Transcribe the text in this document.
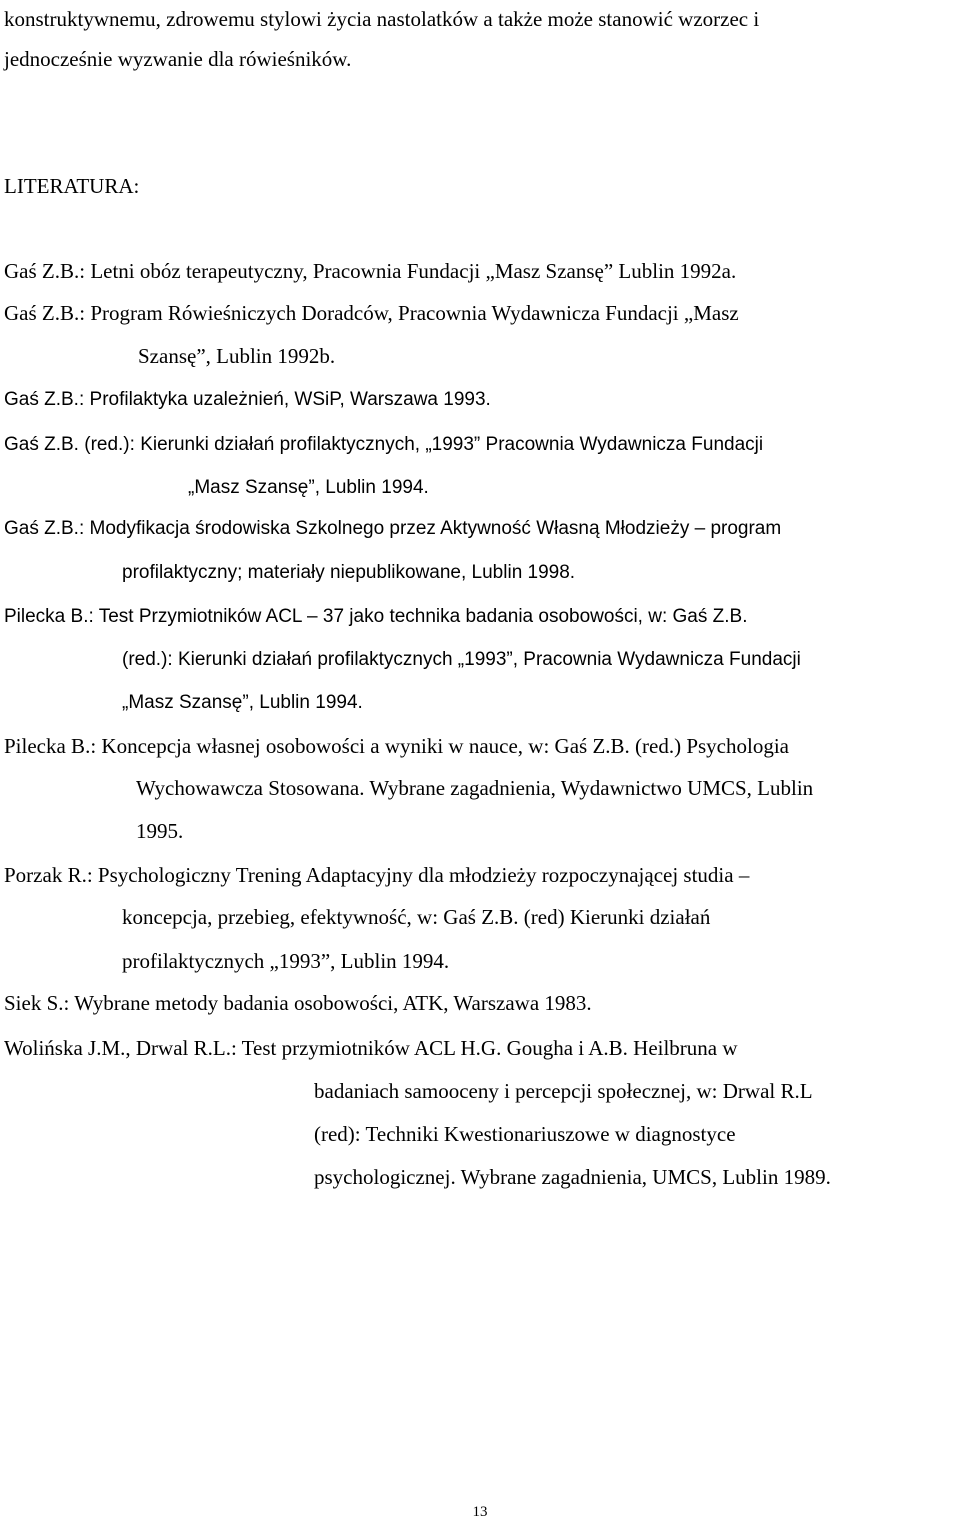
konstruktywnemu, zdrowemu stylowi życia nastolatków a także może stanowić wzorzec i
jednocześnie wyzwanie dla rówieśników.
LITERATURA:
Gaś Z.B.: Letni obóz terapeutyczny, Pracownia Fundacji „Masz Szansę” Lublin 1992a.
Gaś Z.B.: Program Rówieśniczych Doradców, Pracownia Wydawnicza Fundacji „Masz
Szansę”, Lublin 1992b.
Gaś Z.B.: Profilaktyka uzależnień, WSiP, Warszawa 1993.
Gaś Z.B. (red.): Kierunki działań profilaktycznych, „1993” Pracownia Wydawnicza Fundacji
„Masz Szansę”, Lublin 1994.
Gaś Z.B.: Modyfikacja środowiska Szkolnego przez Aktywność Własną Młodzieży – program
profilaktyczny; materiały niepublikowane, Lublin 1998.
Pilecka B.: Test Przymiotników ACL – 37 jako technika badania osobowości, w: Gaś Z.B.
(red.): Kierunki działań profilaktycznych „1993”, Pracownia Wydawnicza Fundacji
„Masz Szansę”, Lublin 1994.
Pilecka B.: Koncepcja własnej osobowości a wyniki w nauce, w: Gaś Z.B. (red.) Psychologia
Wychowawcza Stosowana. Wybrane zagadnienia, Wydawnictwo UMCS, Lublin
1995.
Porzak R.: Psychologiczny Trening Adaptacyjny dla młodzieży rozpoczynającej studia –
koncepcja, przebieg, efektywność, w: Gaś Z.B. (red) Kierunki działań
profilaktycznych „1993”, Lublin 1994.
Siek S.: Wybrane metody badania osobowości, ATK, Warszawa 1983.
Wolińska J.M., Drwal R.L.: Test przymiotników ACL H.G. Gougha i A.B. Heilbruna w
badaniach samooceny i percepcji społecznej, w: Drwal R.L
(red): Techniki Kwestionariuszowe w diagnostyce
psychologicznej. Wybrane zagadnienia, UMCS, Lublin 1989.
13
